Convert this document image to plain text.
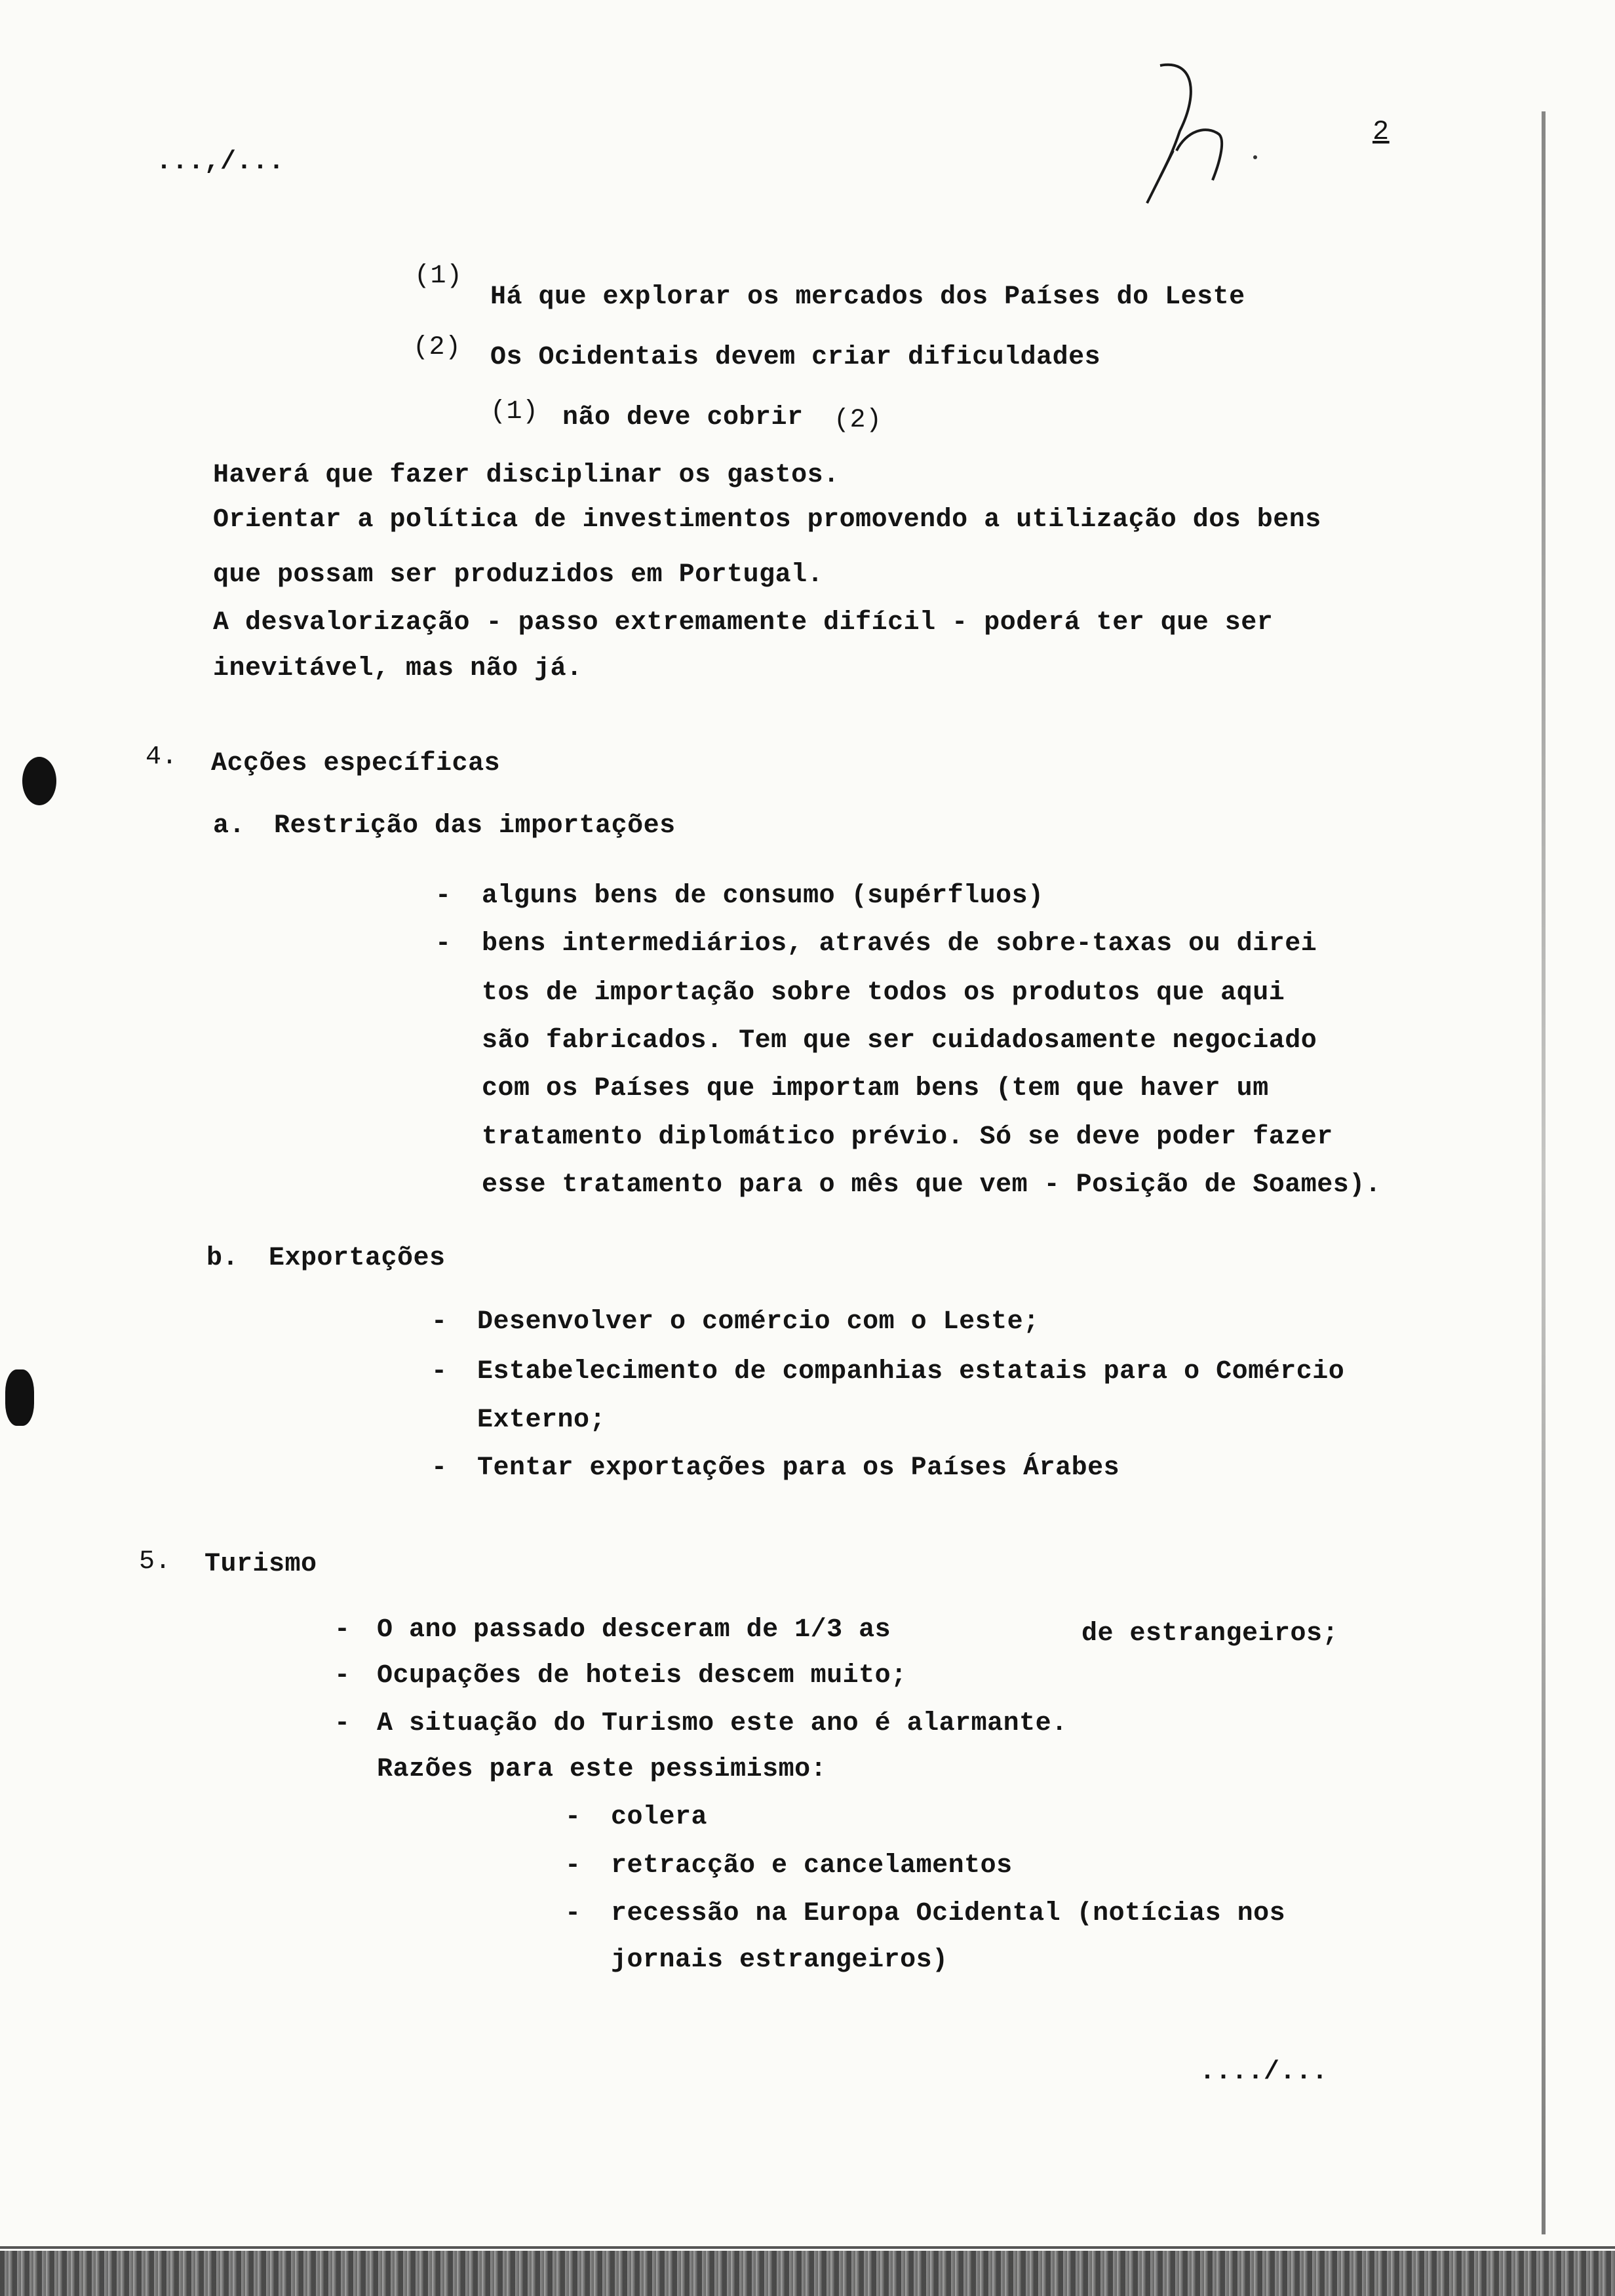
...,/...
2
(1)
Há que explorar os mercados dos Países do Leste
(2) Os Ocidentais devem criar dificuldades
(1) não deve cobrir (2)
Haverá que fazer disciplinar os gastos.
Orientar a política de investimentos promovendo a utilização dos bens
que possam ser produzidos em Portugal.
A desvalorização - passo extremamente difícil - poderá ter que ser
inevitável, mas não já.
4. Acções específicas
a. Restrição das importações
- alguns bens de consumo (supérfluos)
- bens intermediários, através de sobre-taxas ou direi
tos de importação sobre todos os produtos que aqui
são fabricados. Tem que ser cuidadosamente negociado
com os Países que importam bens (tem que haver um
tratamento diplomático prévio. Só se deve poder fazer
esse tratamento para o mês que vem - Posição de Soames).
b. Exportações
- Desenvolver o comércio com o Leste;
- Estabelecimento de companhias estatais para o Comércio
Externo;
- Tentar exportações para os Países Árabes
5. Turismo
- O ano passado desceram de 1/3 as	de estrangeiros;
- Ocupações de hoteis descem muito;
- A situação do Turismo este ano é alarmante.
Razões para este pessimismo:
- colera
- retracção e cancelamentos
- recessão na Europa Ocidental (notícias nos
jornais estrangeiros)
..../...
